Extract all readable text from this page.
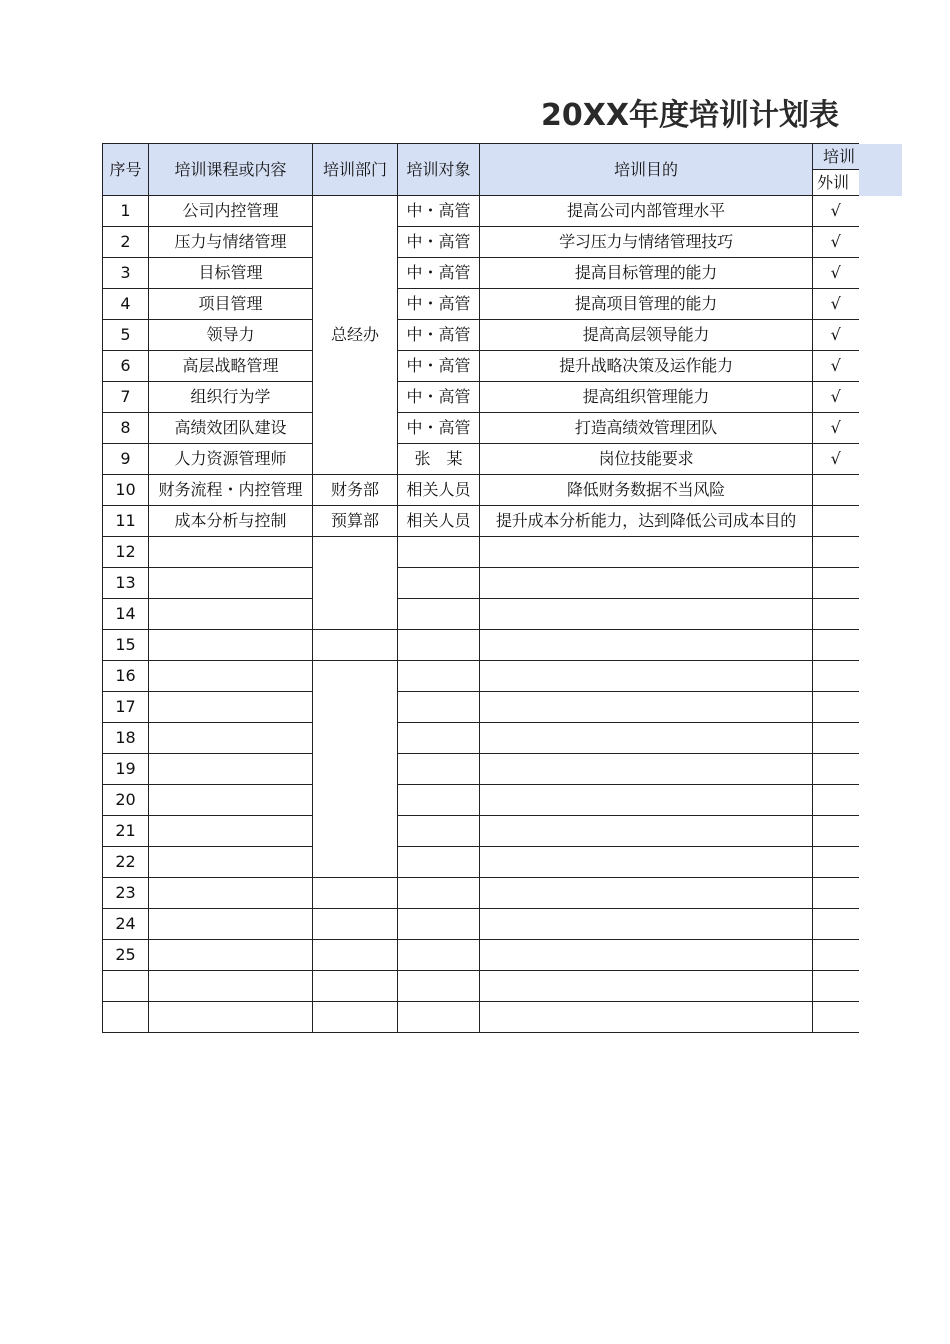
20XX年度培训计划表
序号	培训课程或内容	培训部门	培训对象	培训目的	培训

					外训

1	公司内控管理	总经办	中・高管	提高公司内部管理水平	√
2	压力与情绪管理		中・高管	学习压力与情绪管理技巧	√
3	目标管理		中・高管	提高目标管理的能力	√
4	项目管理		中・高管	提高项目管理的能力	√
5	领导力		中・高管	提高高层领导能力	√
6	高层战略管理		中・高管	提升战略决策及运作能力	√
7	组织行为学		中・高管	提高组织管理能力	√
8	高绩效团队建设		中・高管	打造高绩效管理团队	√
9	人力资源管理师		张　某	岗位技能要求	√
10	财务流程・内控管理	财务部	相关人员	降低财务数据不当风险	
11	成本分析与控制	预算部	相关人员	提升成本分析能力，达到降低公司成本目的	
12					
13					
14					
15					
16					
17					
18					
19					
20					
21					
22					
23					
24					
25					
